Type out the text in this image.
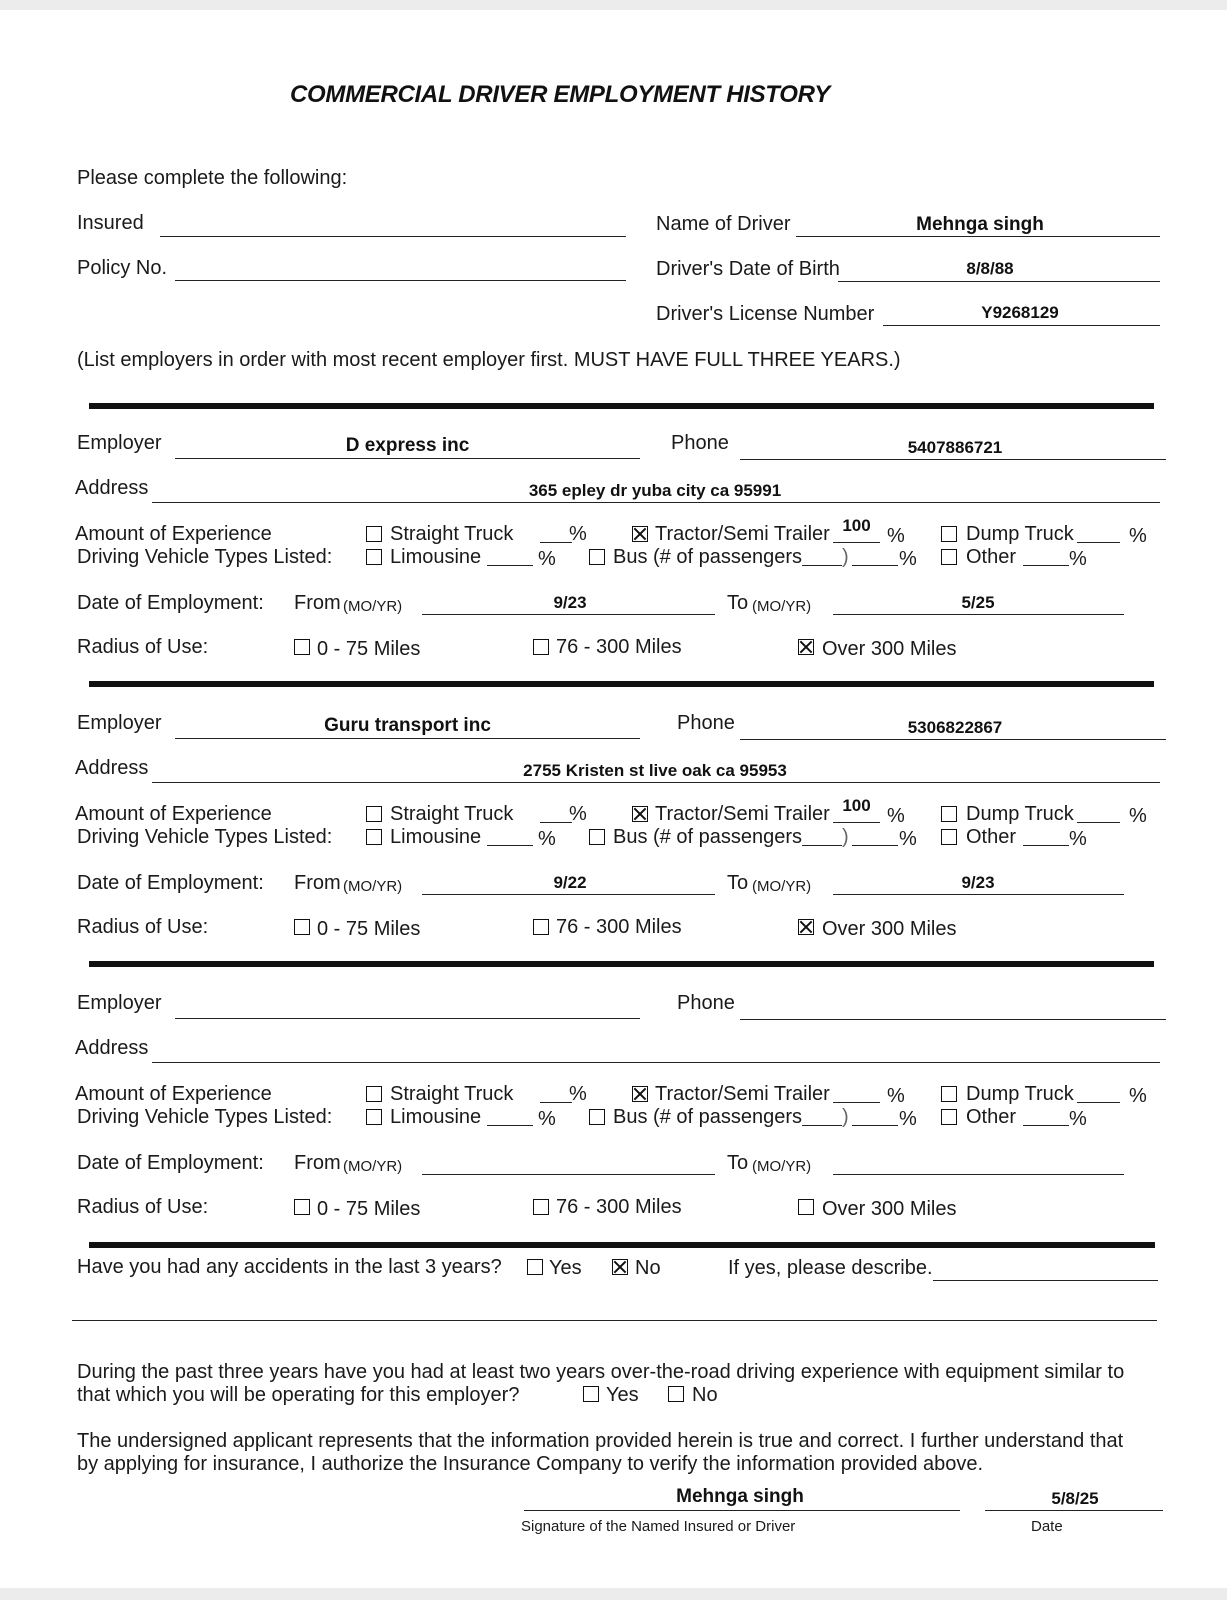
COMMERCIAL DRIVER EMPLOYMENT HISTORY
Please complete the following:
Insured
Policy No.
Name of Driver	Mehnga singh
Driver's Date of Birth	8/8/88
Driver's License Number	Y9268129
(List employers in order with most recent employer first. MUST HAVE FULL THREE YEARS.)
Employer	D express inc	Phone	5407886721
Address	365 epley dr yuba city ca 95991
Amount of Experience
Driving Vehicle Types Listed:
Straight Truck	%	Tractor/Semi Trailer 100 %	Dump Truck	%
Limousine	%	Bus (# of passengers )	% Other	%
Date of Employment: From (MO/YR)	9/23	To (MO/YR)	5/25
Radius of Use:	0 - 75 Miles	76 - 300 Miles	Over 300 Miles
Employer	Guru transport inc	Phone	5306822867
Address	2755 Kristen st live oak ca 95953
Amount of Experience
Driving Vehicle Types Listed:
Straight Truck	%	Tractor/Semi Trailer 100 %	Dump Truck	%
Limousine	%	Bus (# of passengers )	% Other	%
Date of Employment: From (MO/YR)	9/22	To (MO/YR)	9/23
Radius of Use:	0 - 75 Miles	76 - 300 Miles	Over 300 Miles
Employer	Phone
Address
Amount of Experience
Driving Vehicle Types Listed:
Straight Truck	%	Tractor/Semi Trailer	%	Dump Truck	%
Limousine	%	Bus (# of passengers )	% Other	%
Date of Employment: From (MO/YR)	To (MO/YR)
Radius of Use:	0 - 75 Miles	76 - 300 Miles	Over 300 Miles
Have you had any accidents in the last 3 years? Yes	No	If yes, please describe.
During the past three years have you had at least two years over-the-road driving experience with equipment similar to
that which you will be operating for this employer?	Yes	No
The undersigned applicant represents that the information provided herein is true and correct. I further understand that
by applying for insurance, I authorize the Insurance Company to verify the information provided above.
Mehnga singh
Signature of the Named Insured or Driver
5/8/25
Date
